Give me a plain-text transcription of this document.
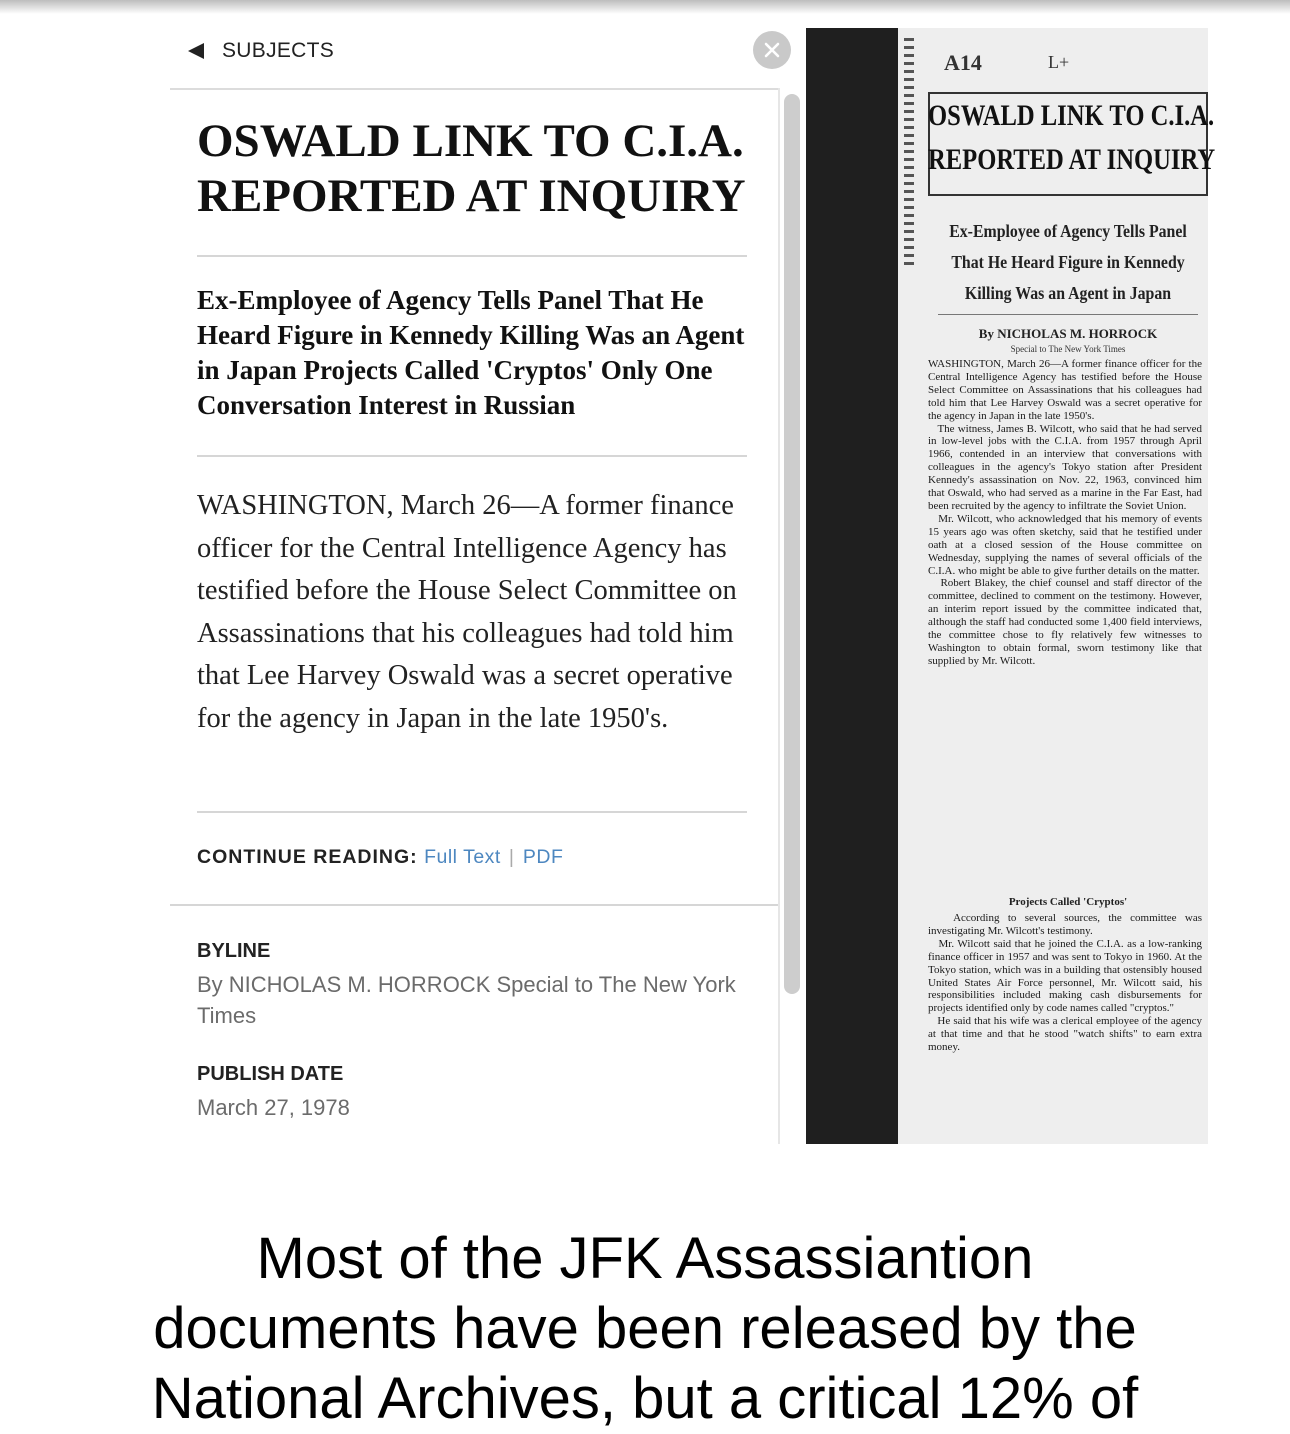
SUBJECTS
OSWALD LINK TO C.I.A. REPORTED AT INQUIRY

Ex-Employee of Agency Tells Panel That He Heard Figure in Kennedy Killing Was an Agent in Japan Projects Called 'Cryptos' Only One Conversation Interest in Russian

WASHINGTON, March 26—A former finance officer for the Central Intelligence Agency has testified before the House Select Committee on Assassinations that his colleagues had told him that Lee Harvey Oswald was a secret operative for the agency in Japan in the late 1950's.

CONTINUE READING: Full Text | PDF
BYLINE
By NICHOLAS M. HORROCK Special to The New York Times
PUBLISH DATE
March 27, 1978
A14	L+
OSWALD LINK TO C.I.A.
REPORTED AT INQUIRY

Ex-Employee of Agency Tells Panel That He Heard Figure in Kennedy Killing Was an Agent in Japan

By NICHOLAS M. HORROCK
Special to The New York Times

WASHINGTON, March 26—A former finance officer for the Central Intelligence Agency has testified before the House Select Committee on Assassinations that his colleagues had told him that Lee Harvey Oswald was a secret operative for the agency in Japan in the late 1950's.
The witness, James B. Wilcott, who said that he had served in low-level jobs with the C.I.A. from 1957 through April 1966, contended in an interview that conversations with colleagues in the agency's Tokyo station after President Kennedy's assassination on Nov. 22, 1963, convinced him that Oswald, who had served as a marine in the Far East, had been recruited by the agency to infiltrate the Soviet Union.
Mr. Wilcott, who acknowledged that his memory of events 15 years ago was often sketchy, said that he testified under oath at a closed session of the House committee on Wednesday, supplying the names of several officials of the C.I.A. who might be able to give further details on the matter.
Robert Blakey, the chief counsel and staff director of the committee, declined to comment on the testimony. However, an interim report issued by the committee indicated that, although the staff had conducted some 1,400 field interviews, the committee chose to fly relatively few witnesses to Washington to obtain formal, sworn testimony like that supplied by Mr. Wilcott.

Projects Called 'Cryptos'

According to several sources, the committee was investigating Mr. Wilcott's testimony.
Mr. Wilcott said that he joined the C.I.A. as a low-ranking finance officer in 1957 and was sent to Tokyo in 1960. At the Tokyo station, which was in a building that ostensibly housed United States Air Force personnel, Mr. Wilcott said, his responsibilities included making cash disbursements for projects identified only by code names called "cryptos."
He said that his wife was a clerical employee of the agency at that time and that he stood "watch shifts" to earn extra money.

Most of the JFK Assassiantion
documents have been released by the
National Archives, but a critical 12% of
